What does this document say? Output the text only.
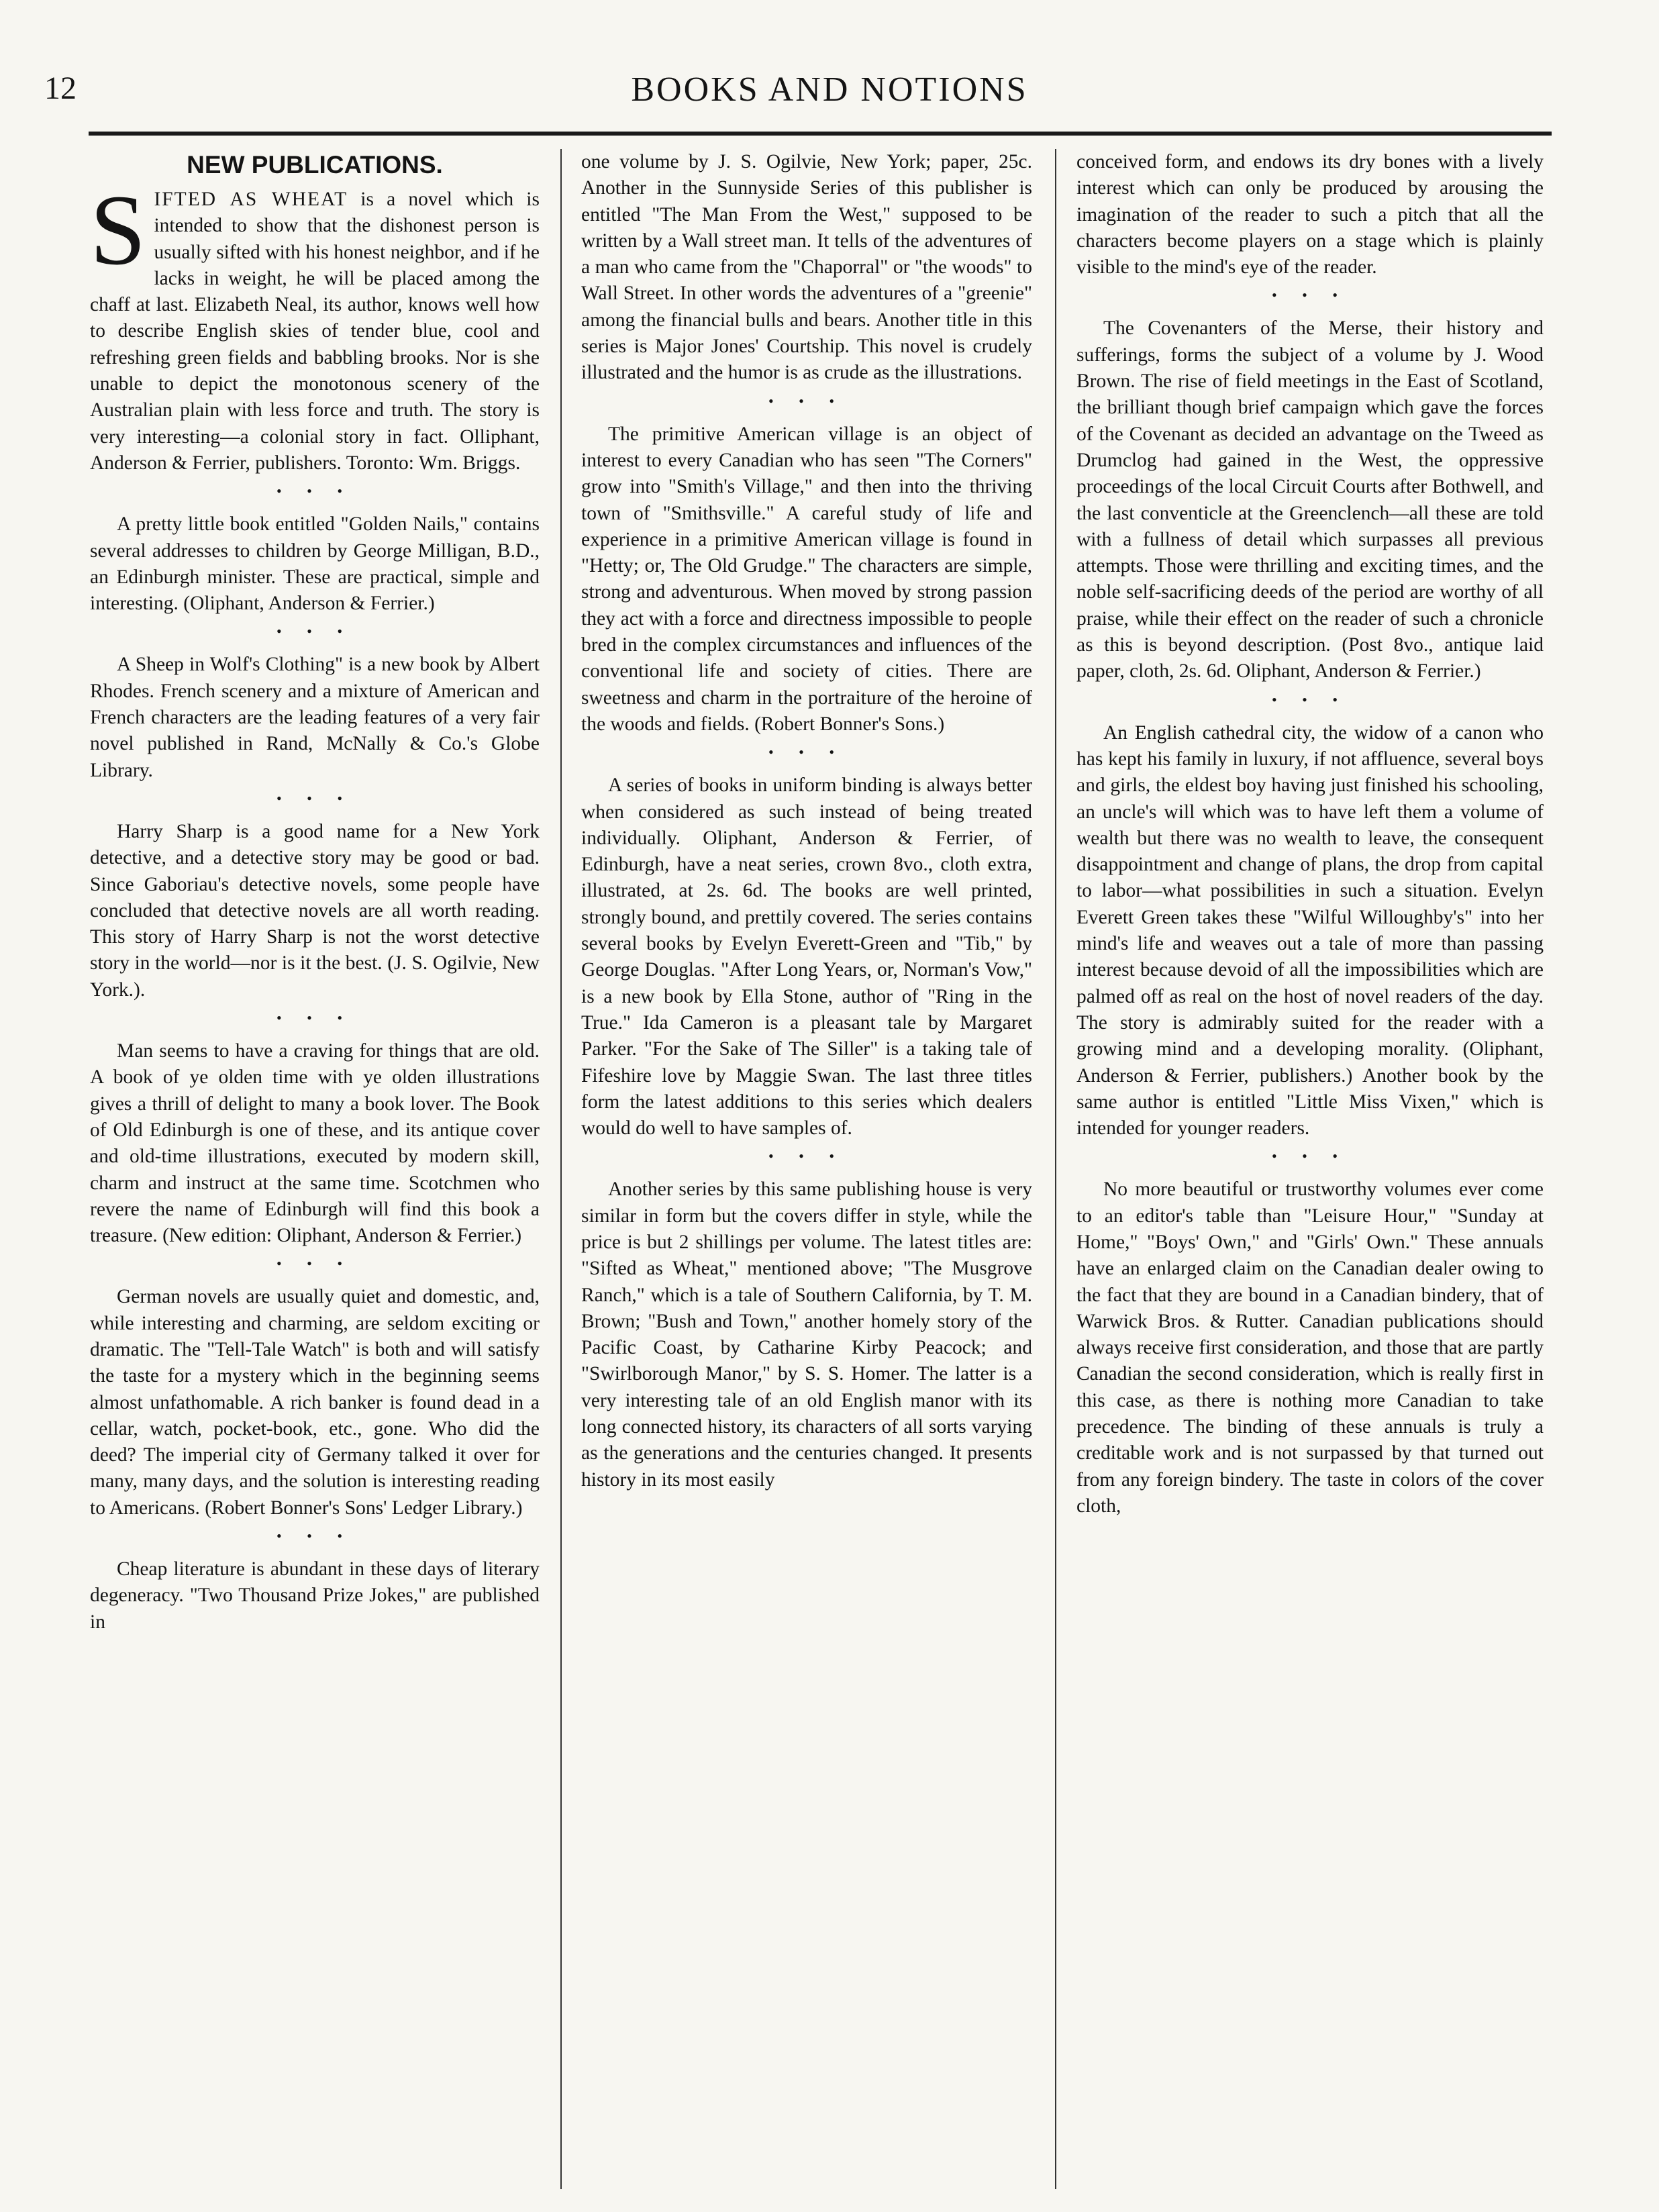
12	BOOKS AND NOTIONS
NEW PUBLICATIONS.

SIFTED AS WHEAT is a novel which is intended to show that the dishonest person is usually sifted with his honest neighbor, and if he lacks in weight, he will be placed among the chaff at last. Elizabeth Neal, its author, knows well how to describe English skies of tender blue, cool and refreshing green fields and babbling brooks. Nor is she unable to depict the monotonous scenery of the Australian plain with less force and truth. The story is very interesting—a colonial story in fact. Olliphant, Anderson & Ferrier, publishers. Toronto: Wm. Briggs.

• • •

A pretty little book entitled "Golden Nails," contains several addresses to children by George Milligan, B.D., an Edinburgh minister. These are practical, simple and interesting. (Oliphant, Anderson & Ferrier.)

• • •

A Sheep in Wolf's Clothing" is a new book by Albert Rhodes. French scenery and a mixture of American and French characters are the leading features of a very fair novel published in Rand, McNally & Co.'s Globe Library.

• • •

Harry Sharp is a good name for a New York detective, and a detective story may be good or bad. Since Gaboriau's detective novels, some people have concluded that detective novels are all worth reading. This story of Harry Sharp is not the worst detective story in the world—nor is it the best. (J. S. Ogilvie, New York.).

• • •

Man seems to have a craving for things that are old. A book of ye olden time with ye olden illustrations gives a thrill of delight to many a book lover. The Book of Old Edinburgh is one of these, and its antique cover and old-time illustrations, executed by modern skill, charm and instruct at the same time. Scotchmen who revere the name of Edinburgh will find this book a treasure. (New edition: Oliphant, Anderson & Ferrier.)

• • •

German novels are usually quiet and domestic, and, while interesting and charming, are seldom exciting or dramatic. The "Tell-Tale Watch" is both and will satisfy the taste for a mystery which in the beginning seems almost unfathomable. A rich banker is found dead in a cellar, watch, pocket-book, etc., gone. Who did the deed? The imperial city of Germany talked it over for many, many days, and the solution is interesting reading to Americans. (Robert Bonner's Sons' Ledger Library.)

• • •

Cheap literature is abundant in these days of literary degeneracy. "Two Thousand Prize Jokes," are published in

one volume by J. S. Ogilvie, New York; paper, 25c. Another in the Sunnyside Series of this publisher is entitled "The Man From the West," supposed to be written by a Wall street man. It tells of the adventures of a man who came from the "Chaporral" or "the woods" to Wall Street. In other words the adventures of a "greenie" among the financial bulls and bears. Another title in this series is Major Jones' Courtship. This novel is crudely illustrated and the humor is as crude as the illustrations.

• • •

The primitive American village is an object of interest to every Canadian who has seen "The Corners" grow into "Smith's Village," and then into the thriving town of "Smithsville." A careful study of life and experience in a primitive American village is found in "Hetty; or, The Old Grudge." The characters are simple, strong and adventurous. When moved by strong passion they act with a force and directness impossible to people bred in the complex circumstances and influences of the conventional life and society of cities. There are sweetness and charm in the portraiture of the heroine of the woods and fields. (Robert Bonner's Sons.)

• • •

A series of books in uniform binding is always better when considered as such instead of being treated individually. Oliphant, Anderson & Ferrier, of Edinburgh, have a neat series, crown 8vo., cloth extra, illustrated, at 2s. 6d. The books are well printed, strongly bound, and prettily covered. The series contains several books by Evelyn Everett-Green and "Tib," by George Douglas. "After Long Years, or, Norman's Vow," is a new book by Ella Stone, author of "Ring in the True." Ida Cameron is a pleasant tale by Margaret Parker. "For the Sake of The Siller" is a taking tale of Fifeshire love by Maggie Swan. The last three titles form the latest additions to this series which dealers would do well to have samples of.

• • •

Another series by this same publishing house is very similar in form but the covers differ in style, while the price is but 2 shillings per volume. The latest titles are: "Sifted as Wheat," mentioned above; "The Musgrove Ranch," which is a tale of Southern California, by T. M. Brown; "Bush and Town," another homely story of the Pacific Coast, by Catharine Kirby Peacock; and "Swirlborough Manor," by S. S. Homer. The latter is a very interesting tale of an old English manor with its long connected history, its characters of all sorts varying as the generations and the centuries changed. It presents history in its most easily

conceived form, and endows its dry bones with a lively interest which can only be produced by arousing the imagination of the reader to such a pitch that all the characters become players on a stage which is plainly visible to the mind's eye of the reader.

• • •

The Covenanters of the Merse, their history and sufferings, forms the subject of a volume by J. Wood Brown. The rise of field meetings in the East of Scotland, the brilliant though brief campaign which gave the forces of the Covenant as decided an advantage on the Tweed as Drumclog had gained in the West, the oppressive proceedings of the local Circuit Courts after Bothwell, and the last conventicle at the Greenclench—all these are told with a fullness of detail which surpasses all previous attempts. Those were thrilling and exciting times, and the noble self-sacrificing deeds of the period are worthy of all praise, while their effect on the reader of such a chronicle as this is beyond description. (Post 8vo., antique laid paper, cloth, 2s. 6d. Oliphant, Anderson & Ferrier.)

• • •

An English cathedral city, the widow of a canon who has kept his family in luxury, if not affluence, several boys and girls, the eldest boy having just finished his schooling, an uncle's will which was to have left them a volume of wealth but there was no wealth to leave, the consequent disappointment and change of plans, the drop from capital to labor—what possibilities in such a situation. Evelyn Everett Green takes these "Wilful Willoughby's" into her mind's life and weaves out a tale of more than passing interest because devoid of all the impossibilities which are palmed off as real on the host of novel readers of the day. The story is admirably suited for the reader with a growing mind and a developing morality. (Oliphant, Anderson & Ferrier, publishers.) Another book by the same author is entitled "Little Miss Vixen," which is intended for younger readers.

• • •

No more beautiful or trustworthy volumes ever come to an editor's table than "Leisure Hour," "Sunday at Home," "Boys' Own," and "Girls' Own." These annuals have an enlarged claim on the Canadian dealer owing to the fact that they are bound in a Canadian bindery, that of Warwick Bros. & Rutter. Canadian publications should always receive first consideration, and those that are partly Canadian the second consideration, which is really first in this case, as there is nothing more Canadian to take precedence. The binding of these annuals is truly a creditable work and is not surpassed by that turned out from any foreign bindery. The taste in colors of the cover cloth,
